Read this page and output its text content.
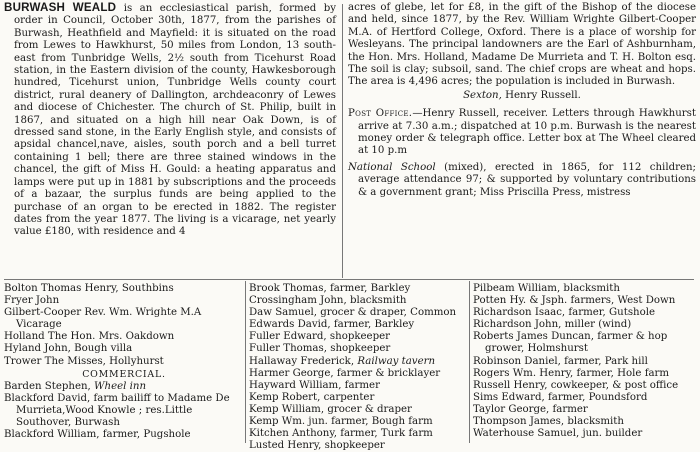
BURWASH WEALD is an ecclesiastical parish, formed by order in Council, October 30th, 1877, from the parishes of Burwash, Heathfield and Mayfield: it is situated on the road from Lewes to Hawkhurst, 50 miles from London, 13 south-east from Tunbridge Wells, 2½ south from Ticehurst Road station, in the Eastern division of the county, Hawkesborough hundred, Ticehurst union, Tunbridge Wells county court district, rural deanery of Dallington, archdeaconry of Lewes and diocese of Chichester. The church of St. Philip, built in 1867, and situated on a high hill near Oak Down, is of dressed sand stone, in the Early English style, and consists of apsidal chancel,nave, aisles, south porch and a bell turret containing 1 bell; there are three stained windows in the chancel, the gift of Miss H. Gould: a heating apparatus and lamps were put up in 1881 by subscriptions and the proceeds of a bazaar, the surplus funds are being applied to the purchase of an organ to be erected in 1882. The register dates from the year 1877. The living is a vicarage, net yearly value £180, with residence and 4

acres of glebe, let for £8, in the gift of the Bishop of the diocese and held, since 1877, by the Rev. William Wrighte Gilbert-Cooper M.A. of Hertford College, Oxford. There is a place of worship for Wesleyans. The principal landowners are the Earl of Ashburnham, the Hon. Mrs. Holland, Madame De Murrieta and T. H. Bolton esq. The soil is clay; subsoil, sand. The chief crops are wheat and hops. The area is 4,496 acres; the population is included in Burwash.

Sexton, Henry Russell.

Post Office.—Henry Russell, receiver. Letters through Hawkhurst arrive at 7.30 a.m.; dispatched at 10 p.m. Burwash is the nearest money order & telegraph office. Letter box at The Wheel cleared at 10 p.m

National School (mixed), erected in 1865, for 112 children; average attendance 97; & supported by voluntary contributions & a government grant; Miss Priscilla Press, mistress

Bolton Thomas Henry, Southbins
Fryer John
Gilbert-Cooper Rev. Wm. Wrighte M.A Vicarage
Holland The Hon. Mrs. Oakdown
Hyland John, Bough villa
Trower The Misses, Hollyhurst
COMMERCIAL.
Barden Stephen, Wheel inn
Blackford David, farm bailiff to Madame De Murrieta,Wood Knowle ; res.Little Southover, Burwash
Blackford William, farmer, Pugshole
Brook Thomas, farmer, Barkley
Crossingham John, blacksmith
Daw Samuel, grocer & draper, Common
Edwards David, farmer, Barkley
Fuller Edward, shopkeeper
Fuller Thomas, shopkeeper
Hallaway Frederick, Railway tavern
Harmer George, farmer & bricklayer
Hayward William, farmer
Kemp Robert, carpenter
Kemp William, grocer & draper
Kemp Wm. jun. farmer, Bough farm
Kitchen Anthony, farmer, Turk farm
Lusted Henry, shopkeeper
Pilbeam William, blacksmith
Potten Hy. & Jsph. farmers, West Down
Richardson Isaac, farmer, Gutshole
Richardson John, miller (wind)
Roberts James Duncan, farmer & hop grower, Holmshurst
Robinson Daniel, farmer, Park hill
Rogers Wm. Henry, farmer, Hole farm
Russell Henry, cowkeeper, & post office
Sims Edward, farmer, Poundsford
Taylor George, farmer
Thompson James, blacksmith
Waterhouse Samuel, jun. builder
